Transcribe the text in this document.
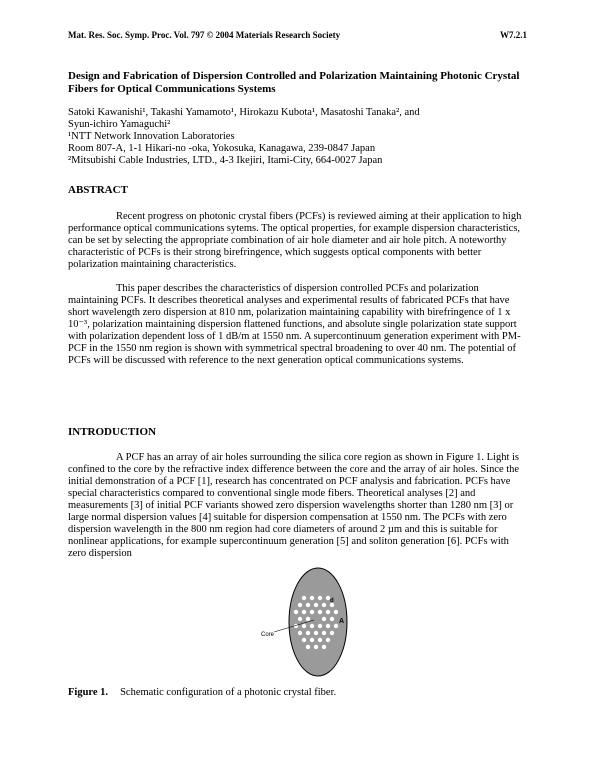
Mat. Res. Soc. Symp. Proc. Vol. 797 © 2004 Materials Research Society	W7.2.1
Design and Fabrication of Dispersion Controlled and Polarization Maintaining Photonic Crystal Fibers for Optical Communications Systems

Satoki Kawanishi¹, Takashi Yamamoto¹, Hirokazu Kubota¹, Masatoshi Tanaka², and

Syun-ichiro Yamaguchi²

¹NTT Network Innovation Laboratories

Room 807-A, 1-1 Hikari-no -oka, Yokosuka, Kanagawa, 239-0847 Japan

²Mitsubishi Cable Industries, LTD., 4-3 Ikejiri, Itami-City, 664-0027 Japan

ABSTRACT

Recent progress on photonic crystal fibers (PCFs) is reviewed aiming at their application to high performance optical communications sytems. The optical properties, for example dispersion characteristics, can be set by selecting the appropriate combination of air hole diameter and air hole pitch. A noteworthy characteristic of PCFs is their strong birefringence, which suggests optical components with better polarization maintaining characteristics.

This paper describes the characteristics of dispersion controlled PCFs and polarization maintaining PCFs. It describes theoretical analyses and experimental results of fabricated PCFs that have short wavelength zero dispersion at 810 nm, polarization maintaining capability with birefringence of 1 x 10⁻³, polarization maintaining dispersion flattened functions, and absolute single polarization state support with polarization dependent loss of 1 dB/m at 1550 nm. A supercontinuum generation experiment with PM-PCF in the 1550 nm region is shown with symmetrical spectral broadening to over 40 nm. The potential of PCFs will be discussed with reference to the next generation optical communications systems.

INTRODUCTION

A PCF has an array of air holes surrounding the silica core region as shown in Figure 1. Light is confined to the core by the refractive index difference between the core and the array of air holes. Since the initial demonstration of a PCF [1], research has concentrated on PCF analysis and fabrication. PCFs have special characteristics compared to conventional single mode fibers. Theoretical analyses [2] and measurements [3] of initial PCF variants showed zero dispersion wavelengths shorter than 1280 nm [3] or large normal dispersion values [4] suitable for dispersion compensation at 1550 nm. The PCFs with zero dispersion wavelength in the 800 nm region had core diameters of around 2 µm and this is suitable for nonlinear applications, for example supercontinuum generation [5] and soliton generation [6]. PCFs with zero dispersion

Core
A
d
Figure 1. Schematic configuration of a photonic crystal fiber.
